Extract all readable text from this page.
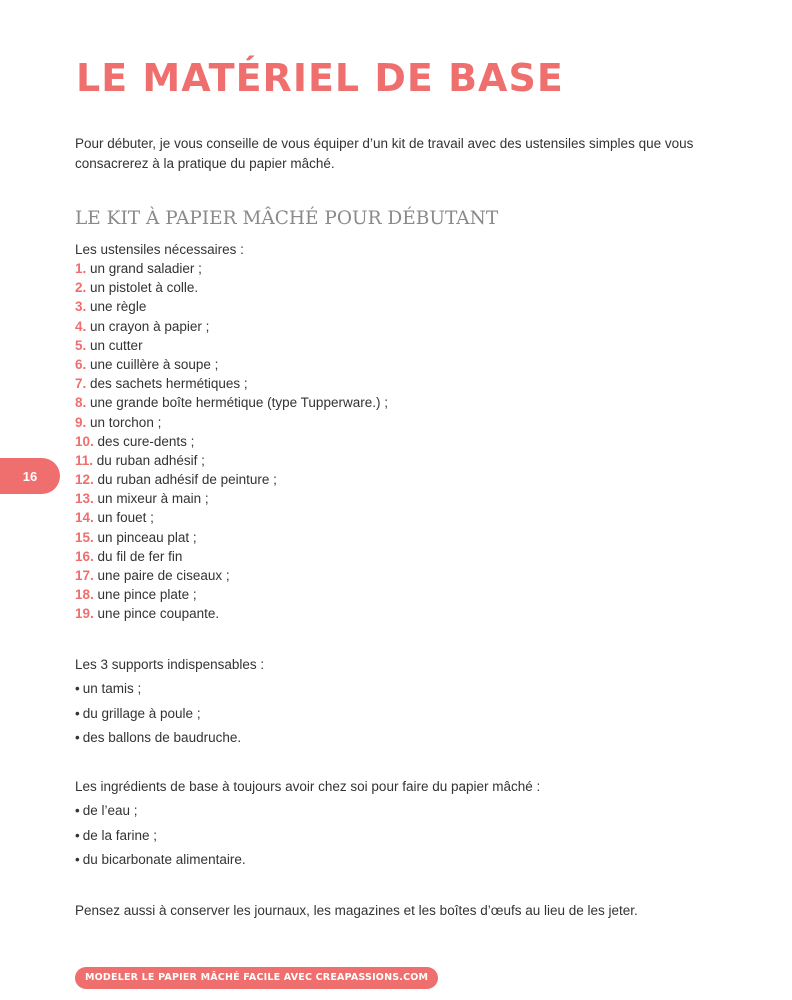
LE MATÉRIEL DE BASE

Pour débuter, je vous conseille de vous équiper d’un kit de travail avec des ustensiles simples que vous consacrerez à la pratique du papier mâché.

LE KIT À PAPIER MÂCHÉ POUR DÉBUTANT
Les ustensiles nécessaires :
1. un grand saladier ;
2. un pistolet à colle.
3. une règle
4. un crayon à papier ;
5. un cutter
6. une cuillère à soupe ;
7. des sachets hermétiques ;
8. une grande boîte hermétique (type Tupperware.) ;
9. un torchon ;
10. des cure-dents ;
11. du ruban adhésif ;
12. du ruban adhésif de peinture ;
13. un mixeur à main ;
14. un fouet ;
15. un pinceau plat ;
16. du fil de fer fin
17. une paire de ciseaux ;
18. une pince plate ;
19. une pince coupante.
Les 3 supports indispensables :
• un tamis ;
• du grillage à poule ;
• des ballons de baudruche.
Les ingrédients de base à toujours avoir chez soi pour faire du papier mâché :
• de l’eau ;
• de la farine ;
• du bicarbonate alimentaire.
Pensez aussi à conserver les journaux, les magazines et les boîtes d’œufs au lieu de les jeter.
16
MODELER LE PAPIER MÂCHÉ FACILE AVEC CREAPASSIONS.COM
